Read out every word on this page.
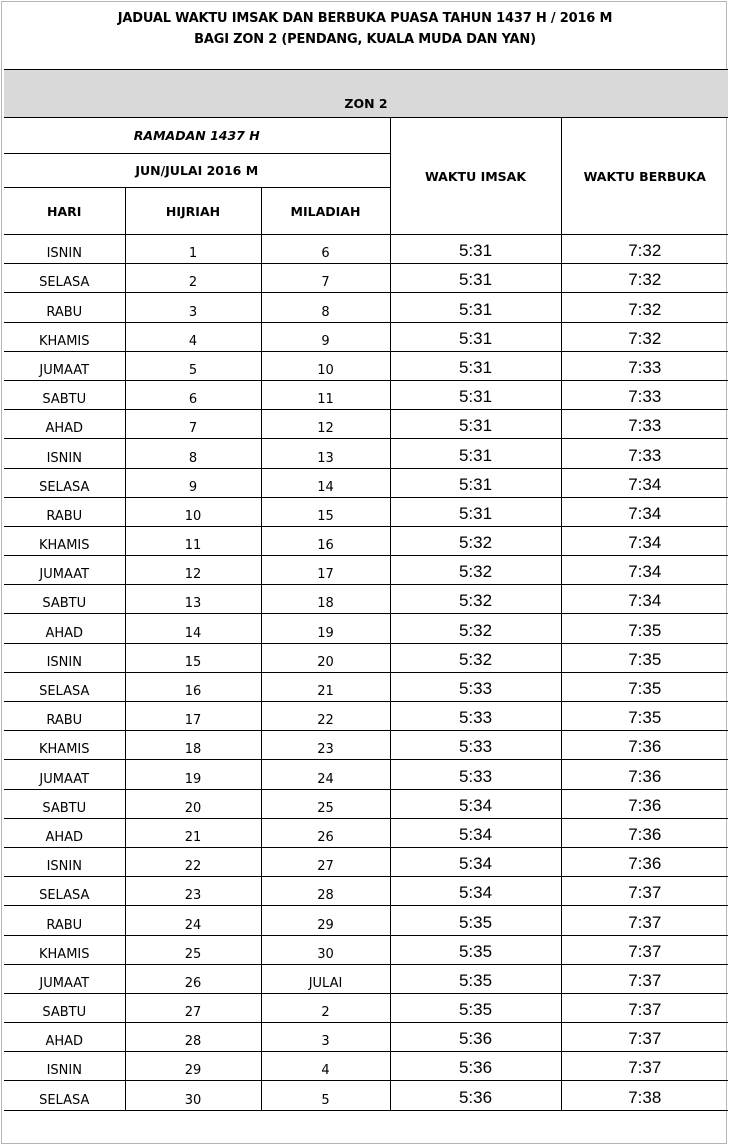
JADUAL WAKTU IMSAK DAN BERBUKA PUASA TAHUN 1437 H / 2016 M
BAGI ZON 2 (PENDANG, KUALA MUDA DAN YAN)
ZON 2				
RAMADAN 1437 H			WAKTU IMSAK	WAKTU BERBUKA
JUN/JULAI 2016 M				
HARI	HIJRIAH	MILADIAH		
ISNIN	1	6	5:31	7:32
SELASA	2	7	5:31	7:32
RABU	3	8	5:31	7:32
KHAMIS	4	9	5:31	7:32
JUMAAT	5	10	5:31	7:33
SABTU	6	11	5:31	7:33
AHAD	7	12	5:31	7:33
ISNIN	8	13	5:31	7:33
SELASA	9	14	5:31	7:34
RABU	10	15	5:31	7:34
KHAMIS	11	16	5:32	7:34
JUMAAT	12	17	5:32	7:34
SABTU	13	18	5:32	7:34
AHAD	14	19	5:32	7:35
ISNIN	15	20	5:32	7:35
SELASA	16	21	5:33	7:35
RABU	17	22	5:33	7:35
KHAMIS	18	23	5:33	7:36
JUMAAT	19	24	5:33	7:36
SABTU	20	25	5:34	7:36
AHAD	21	26	5:34	7:36
ISNIN	22	27	5:34	7:36
SELASA	23	28	5:34	7:37
RABU	24	29	5:35	7:37
KHAMIS	25	30	5:35	7:37
JUMAAT	26	JULAI	5:35	7:37
SABTU	27	2	5:35	7:37
AHAD	28	3	5:36	7:37
ISNIN	29	4	5:36	7:37
SELASA	30	5	5:36	7:38
